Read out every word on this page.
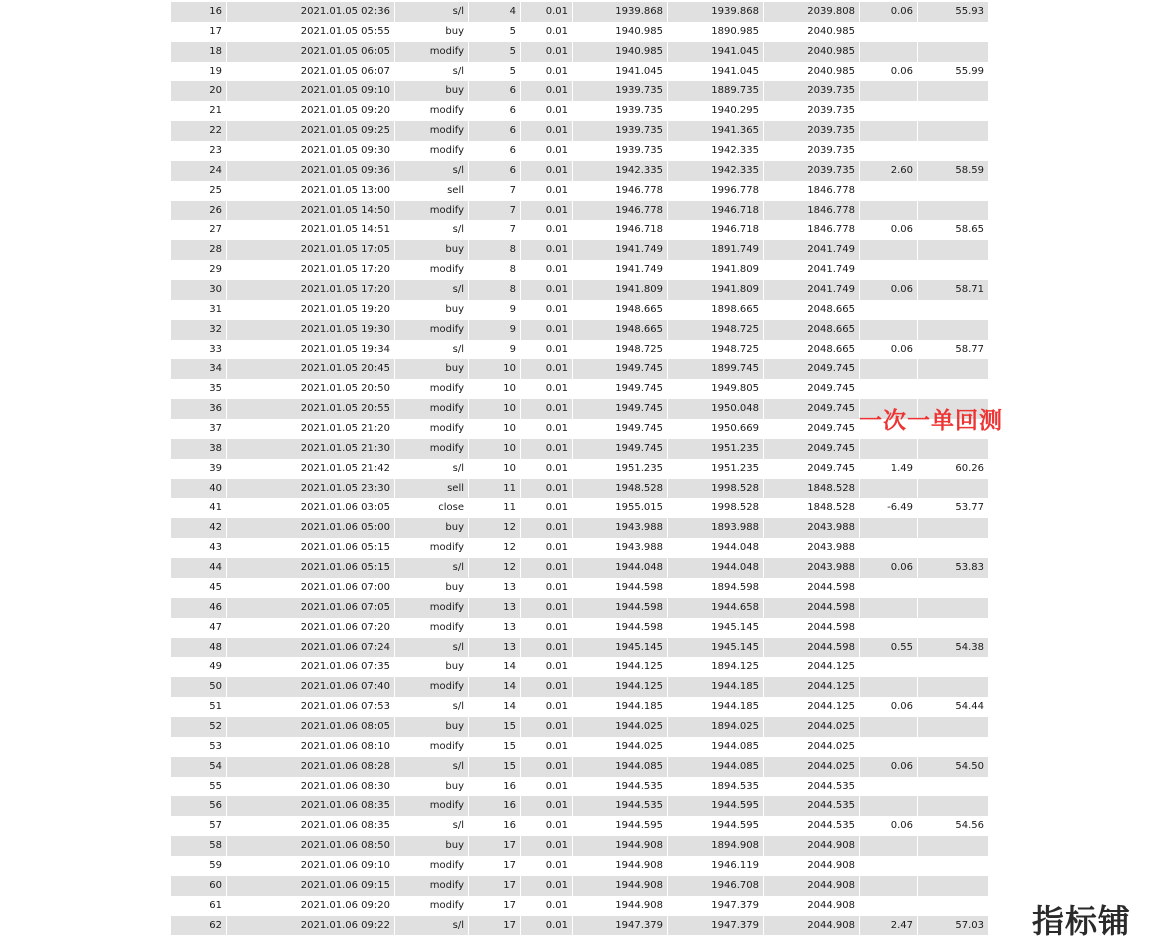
16	2021.01.05 02:36	s/l	4	0.01	1939.868	1939.868	2039.808	0.06	55.93
17	2021.01.05 05:55	buy	5	0.01	1940.985	1890.985	2040.985		
18	2021.01.05 06:05	modify	5	0.01	1940.985	1941.045	2040.985		
19	2021.01.05 06:07	s/l	5	0.01	1941.045	1941.045	2040.985	0.06	55.99
20	2021.01.05 09:10	buy	6	0.01	1939.735	1889.735	2039.735		
21	2021.01.05 09:20	modify	6	0.01	1939.735	1940.295	2039.735		
22	2021.01.05 09:25	modify	6	0.01	1939.735	1941.365	2039.735		
23	2021.01.05 09:30	modify	6	0.01	1939.735	1942.335	2039.735		
24	2021.01.05 09:36	s/l	6	0.01	1942.335	1942.335	2039.735	2.60	58.59
25	2021.01.05 13:00	sell	7	0.01	1946.778	1996.778	1846.778		
26	2021.01.05 14:50	modify	7	0.01	1946.778	1946.718	1846.778		
27	2021.01.05 14:51	s/l	7	0.01	1946.718	1946.718	1846.778	0.06	58.65
28	2021.01.05 17:05	buy	8	0.01	1941.749	1891.749	2041.749		
29	2021.01.05 17:20	modify	8	0.01	1941.749	1941.809	2041.749		
30	2021.01.05 17:20	s/l	8	0.01	1941.809	1941.809	2041.749	0.06	58.71
31	2021.01.05 19:20	buy	9	0.01	1948.665	1898.665	2048.665		
32	2021.01.05 19:30	modify	9	0.01	1948.665	1948.725	2048.665		
33	2021.01.05 19:34	s/l	9	0.01	1948.725	1948.725	2048.665	0.06	58.77
34	2021.01.05 20:45	buy	10	0.01	1949.745	1899.745	2049.745		
35	2021.01.05 20:50	modify	10	0.01	1949.745	1949.805	2049.745		
36	2021.01.05 20:55	modify	10	0.01	1949.745	1950.048	2049.745		
37	2021.01.05 21:20	modify	10	0.01	1949.745	1950.669	2049.745		
38	2021.01.05 21:30	modify	10	0.01	1949.745	1951.235	2049.745		
39	2021.01.05 21:42	s/l	10	0.01	1951.235	1951.235	2049.745	1.49	60.26
40	2021.01.05 23:30	sell	11	0.01	1948.528	1998.528	1848.528		
41	2021.01.06 03:05	close	11	0.01	1955.015	1998.528	1848.528	-6.49	53.77
42	2021.01.06 05:00	buy	12	0.01	1943.988	1893.988	2043.988		
43	2021.01.06 05:15	modify	12	0.01	1943.988	1944.048	2043.988		
44	2021.01.06 05:15	s/l	12	0.01	1944.048	1944.048	2043.988	0.06	53.83
45	2021.01.06 07:00	buy	13	0.01	1944.598	1894.598	2044.598		
46	2021.01.06 07:05	modify	13	0.01	1944.598	1944.658	2044.598		
47	2021.01.06 07:20	modify	13	0.01	1944.598	1945.145	2044.598		
48	2021.01.06 07:24	s/l	13	0.01	1945.145	1945.145	2044.598	0.55	54.38
49	2021.01.06 07:35	buy	14	0.01	1944.125	1894.125	2044.125		
50	2021.01.06 07:40	modify	14	0.01	1944.125	1944.185	2044.125		
51	2021.01.06 07:53	s/l	14	0.01	1944.185	1944.185	2044.125	0.06	54.44
52	2021.01.06 08:05	buy	15	0.01	1944.025	1894.025	2044.025		
53	2021.01.06 08:10	modify	15	0.01	1944.025	1944.085	2044.025		
54	2021.01.06 08:28	s/l	15	0.01	1944.085	1944.085	2044.025	0.06	54.50
55	2021.01.06 08:30	buy	16	0.01	1944.535	1894.535	2044.535		
56	2021.01.06 08:35	modify	16	0.01	1944.535	1944.595	2044.535		
57	2021.01.06 08:35	s/l	16	0.01	1944.595	1944.595	2044.535	0.06	54.56
58	2021.01.06 08:50	buy	17	0.01	1944.908	1894.908	2044.908		
59	2021.01.06 09:10	modify	17	0.01	1944.908	1946.119	2044.908		
60	2021.01.06 09:15	modify	17	0.01	1944.908	1946.708	2044.908		
61	2021.01.06 09:20	modify	17	0.01	1944.908	1947.379	2044.908		
62	2021.01.06 09:22	s/l	17	0.01	1947.379	1947.379	2044.908	2.47	57.03
一次一单回测
指标铺
